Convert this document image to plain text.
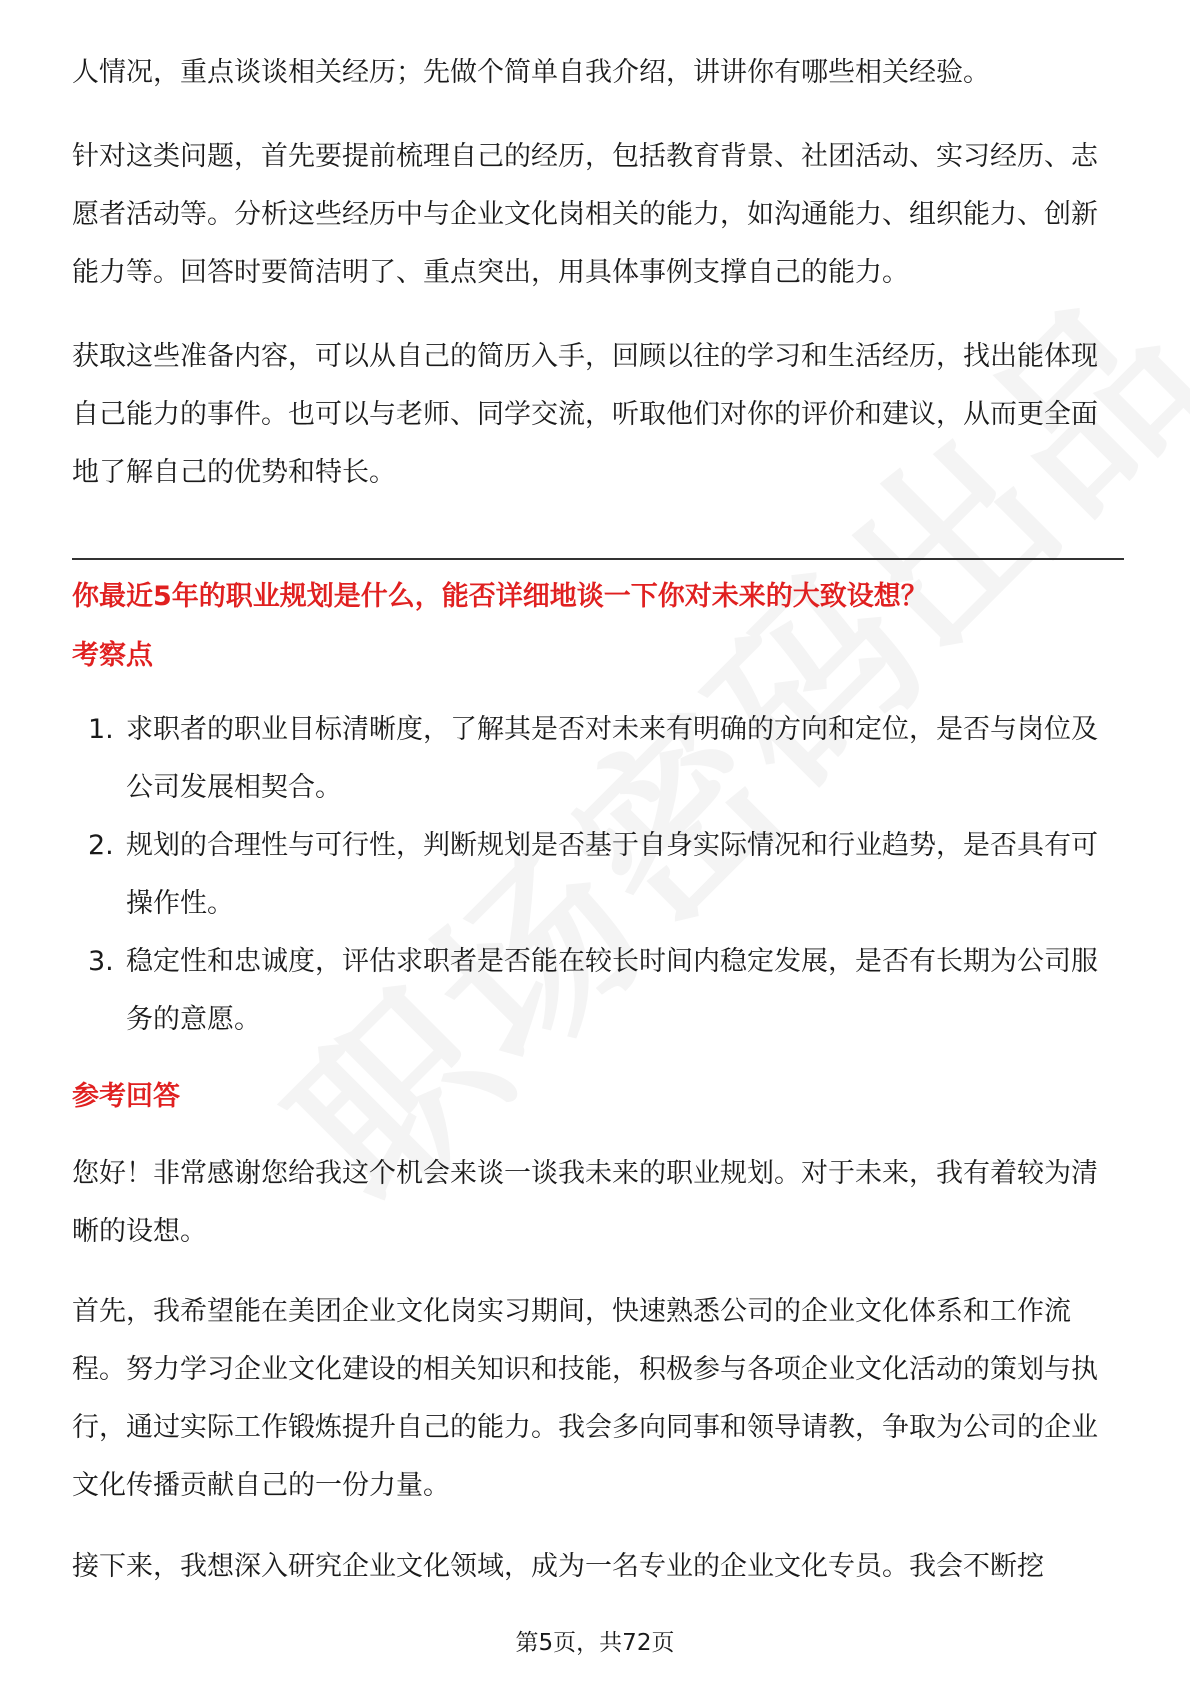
人情况，重点谈谈相关经历；先做个简单自我介绍，讲讲你有哪些相关经验。

针对这类问题，首先要提前梳理自己的经历，包括教育背景、社团活动、实习经历、志愿者活动等。分析这些经历中与企业文化岗相关的能力，如沟通能力、组织能力、创新能力等。回答时要简洁明了、重点突出，用具体事例支撑自己的能力。

获取这些准备内容，可以从自己的简历入手，回顾以往的学习和生活经历，找出能体现自己能力的事件。也可以与老师、同学交流，听取他们对你的评价和建议，从而更全面地了解自己的优势和特长。

你最近5年的职业规划是什么，能否详细地谈一下你对未来的大致设想？

考察点

1. 求职者的职业目标清晰度，了解其是否对未来有明确的方向和定位，是否与岗位及公司发展相契合。
2. 规划的合理性与可行性，判断规划是否基于自身实际情况和行业趋势，是否具有可操作性。
3. 稳定性和忠诚度，评估求职者是否能在较长时间内稳定发展，是否有长期为公司服务的意愿。

参考回答

您好！非常感谢您给我这个机会来谈一谈我未来的职业规划。对于未来，我有着较为清晰的设想。

首先，我希望能在美团企业文化岗实习期间，快速熟悉公司的企业文化体系和工作流程。努力学习企业文化建设的相关知识和技能，积极参与各项企业文化活动的策划与执行，通过实际工作锻炼提升自己的能力。我会多向同事和领导请教，争取为公司的企业文化传播贡献自己的一份力量。

接下来，我想深入研究企业文化领域，成为一名专业的企业文化专员。我会不断挖

第5页，共72页
